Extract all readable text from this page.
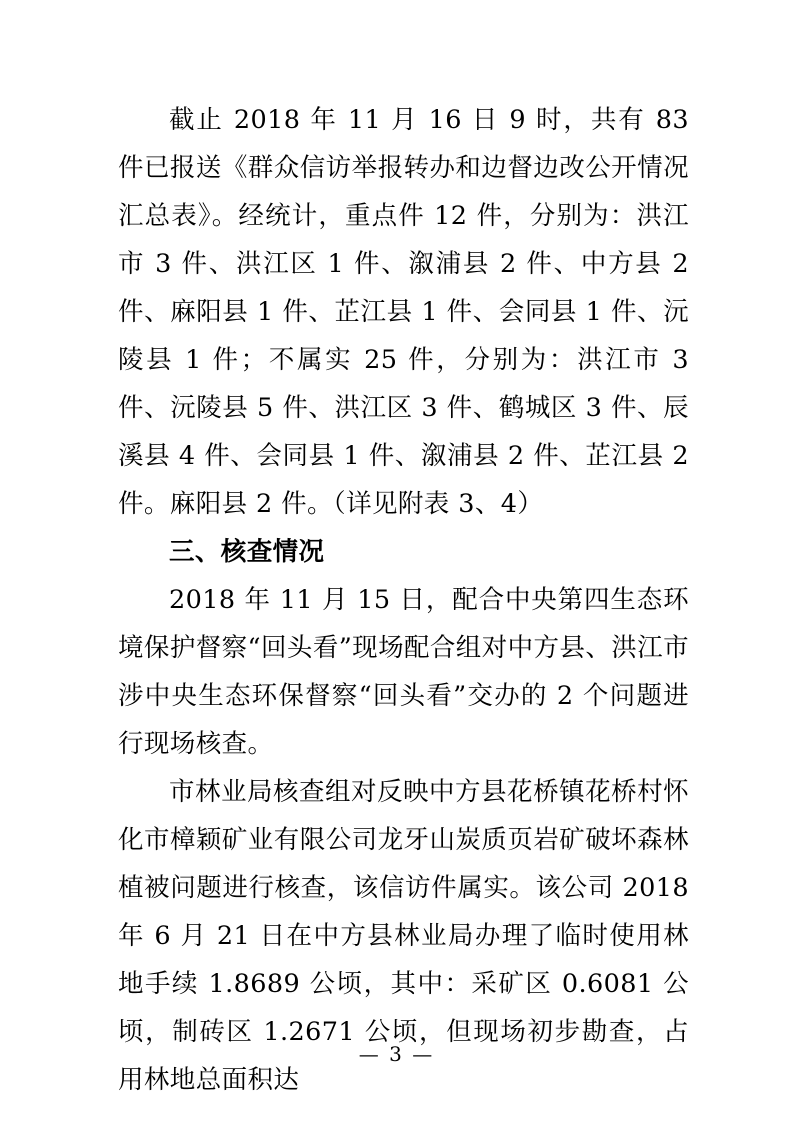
截止 2018 年 11 月 16 日 9 时，共有 83 件已报送《群众信访举报转办和边督边改公开情况汇总表》。经统计，重点件 12 件，分别为：洪江市 3 件、洪江区 1 件、溆浦县 2 件、中方县 2 件、麻阳县 1 件、芷江县 1 件、会同县 1 件、沅陵县 1 件；不属实 25 件，分别为：洪江市 3 件、沅陵县 5 件、洪江区 3 件、鹤城区 3 件、辰溪县 4 件、会同县 1 件、溆浦县 2 件、芷江县 2 件。麻阳县 2 件。（详见附表 3、4）

三、核查情况

2018 年 11 月 15 日，配合中央第四生态环境保护督察“回头看”现场配合组对中方县、洪江市涉中央生态环保督察“回头看”交办的 2 个问题进行现场核查。

市林业局核查组对反映中方县花桥镇花桥村怀化市樟颖矿业有限公司龙牙山炭质页岩矿破坏森林植被问题进行核查，该信访件属实。该公司 2018 年 6 月 21 日在中方县林业局办理了临时使用林地手续 1.8689 公顷，其中：采矿区 0.6081 公顷，制砖区 1.2671 公顷，但现场初步勘查，占用林地总面积达

— 3 —
